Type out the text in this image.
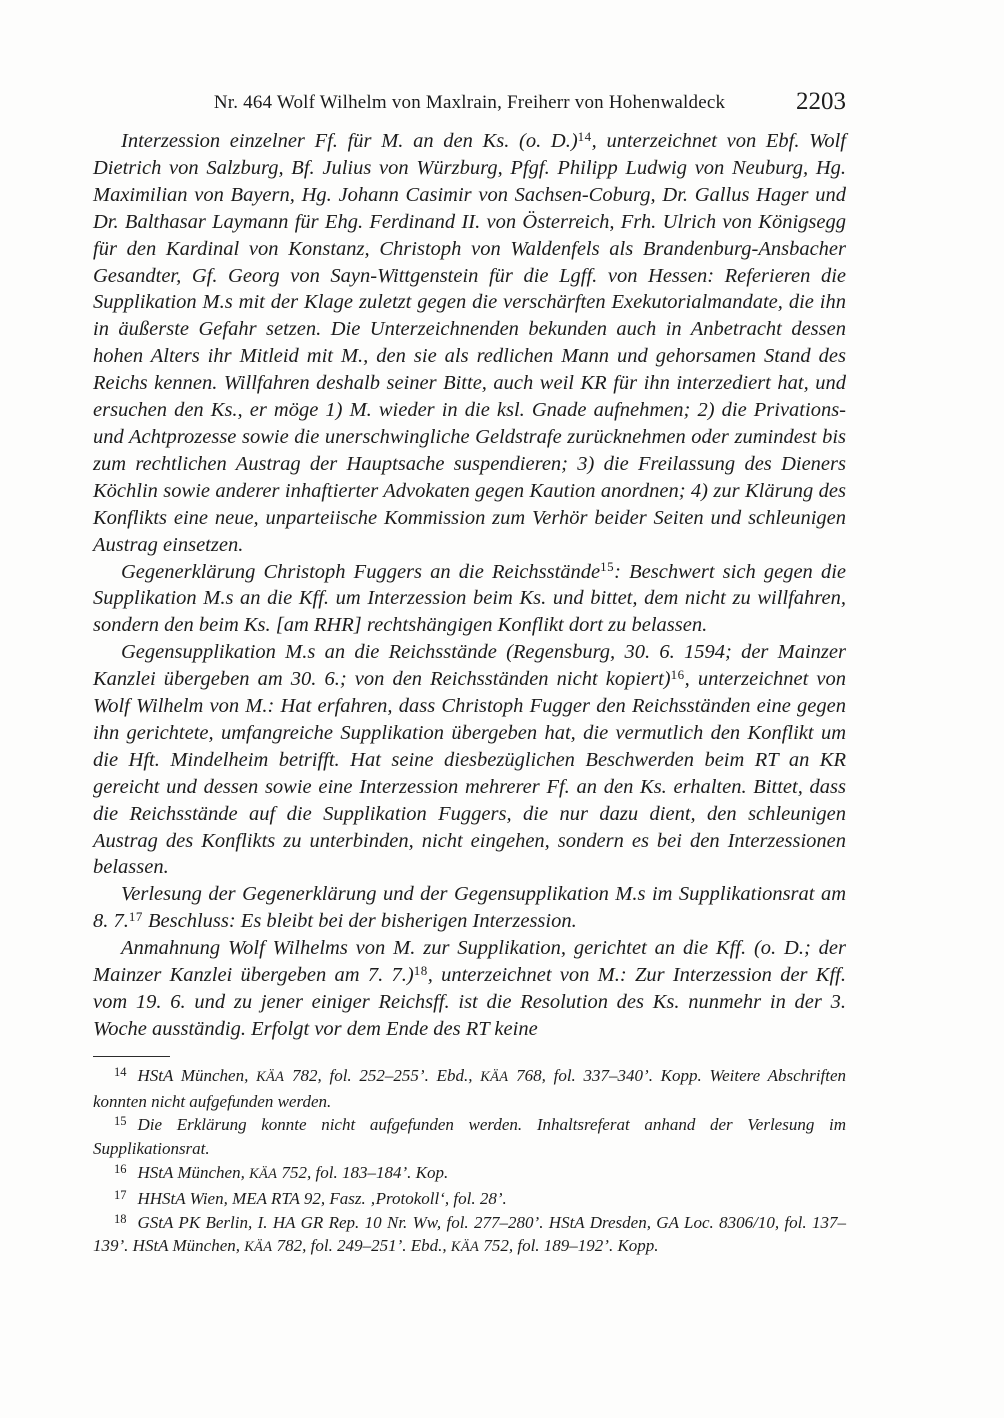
Nr. 464 Wolf Wilhelm von Maxlrain, Freiherr von Hohenwaldeck	2203

Interzession einzelner Ff. für M. an den Ks. (o. D.)$^{14}$, unterzeichnet von Ebf. Wolf Dietrich von Salzburg, Bf. Julius von Würzburg, Pfgf. Philipp Ludwig von Neuburg, Hg. Maximilian von Bayern, Hg. Johann Casimir von Sachsen-Coburg, Dr. Gallus Hager und Dr. Balthasar Laymann für Ehg. Ferdinand II. von Österreich, Frh. Ulrich von Königsegg für den Kardinal von Konstanz, Christoph von Waldenfels als Brandenburg-Ansbacher Gesandter, Gf. Georg von Sayn-Wittgenstein für die Lgff. von Hessen: Referieren die Supplikation M.s mit der Klage zuletzt gegen die verschärften Exekutorialmandate, die ihn in äußerste Gefahr setzen. Die Unterzeichnenden bekunden auch in Anbetracht dessen hohen Alters ihr Mitleid mit M., den sie als redlichen Mann und gehorsamen Stand des Reichs kennen. Willfahren deshalb seiner Bitte, auch weil KR für ihn interzediert hat, und ersuchen den Ks., er möge 1) M. wieder in die ksl. Gnade aufnehmen; 2) die Privations- und Achtprozesse sowie die unerschwingliche Geldstrafe zurücknehmen oder zumindest bis zum rechtlichen Austrag der Hauptsache suspendieren; 3) die Freilassung des Dieners Köchlin sowie anderer inhaftierter Advokaten gegen Kaution anordnen; 4) zur Klärung des Konflikts eine neue, unparteiische Kommission zum Verhör beider Seiten und schleunigen Austrag einsetzen.

Gegenerklärung Christoph Fuggers an die Reichsstände$^{15}$: Beschwert sich gegen die Supplikation M.s an die Kff. um Interzession beim Ks. und bittet, dem nicht zu willfahren, sondern den beim Ks. [am RHR] rechtshängigen Konflikt dort zu belassen.

Gegensupplikation M.s an die Reichsstände (Regensburg, 30. 6. 1594; der Mainzer Kanzlei übergeben am 30. 6.; von den Reichsständen nicht kopiert)$^{16}$, unterzeichnet von Wolf Wilhelm von M.: Hat erfahren, dass Christoph Fugger den Reichsständen eine gegen ihn gerichtete, umfangreiche Supplikation übergeben hat, die vermutlich den Konflikt um die Hft. Mindelheim betrifft. Hat seine diesbezüglichen Beschwerden beim RT an KR gereicht und dessen sowie eine Interzession mehrerer Ff. an den Ks. erhalten. Bittet, dass die Reichsstände auf die Supplikation Fuggers, die nur dazu dient, den schleunigen Austrag des Konflikts zu unterbinden, nicht eingehen, sondern es bei den Interzessionen belassen.

Verlesung der Gegenerklärung und der Gegensupplikation M.s im Supplikationsrat am 8. 7.17 Beschluss: Es bleibt bei der bisherigen Interzession.

Anmahnung Wolf Wilhelms von M. zur Supplikation, gerichtet an die Kff. (o. D.; der Mainzer Kanzlei übergeben am 7. 7.)$^{18}$, unterzeichnet von M.: Zur Interzession der Kff. vom 19. 6. und zu jener einiger Reichsff. ist die Resolution des Ks. nunmehr in der 3. Woche ausständig. Erfolgt vor dem Ende des RT keine

$^{14}$ HStA München, KÄA 782, fol. 252–255’. Ebd., KÄA 768, fol. 337–340’. Kopp. Weitere Abschriften konnten nicht aufgefunden werden.

$^{15}$ Die Erklärung konnte nicht aufgefunden werden. Inhaltsreferat anhand der Verlesung im Supplikationsrat.

$^{16}$ HStA München, KÄA 752, fol. 183–184’. Kop.

$^{17}$ HHStA Wien, MEA RTA 92, Fasz. ‚Protokoll‘, fol. 28’.

$^{18}$ GStA PK Berlin, I. HA GR Rep. 10 Nr. Ww, fol. 277–280’. HStA Dresden, GA Loc. 8306/10, fol. 137–139’. HStA München, KÄA 782, fol. 249–251’. Ebd., KÄA 752, fol. 189–192’. Kopp.
